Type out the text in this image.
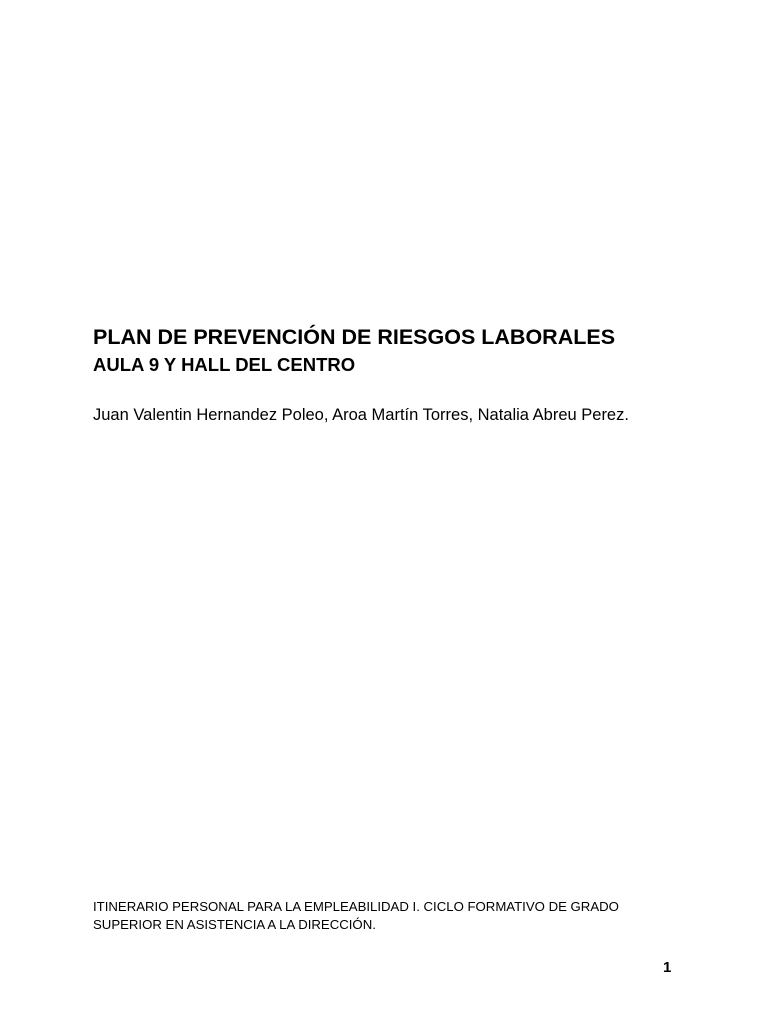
PLAN DE PREVENCIÓN DE RIESGOS LABORALES
AULA 9 Y HALL DEL CENTRO

Juan Valentin Hernandez Poleo, Aroa Martín Torres, Natalia Abreu Perez.

ITINERARIO PERSONAL PARA LA EMPLEABILIDAD I. CICLO FORMATIVO DE GRADO SUPERIOR EN ASISTENCIA A LA DIRECCIÓN.

1
